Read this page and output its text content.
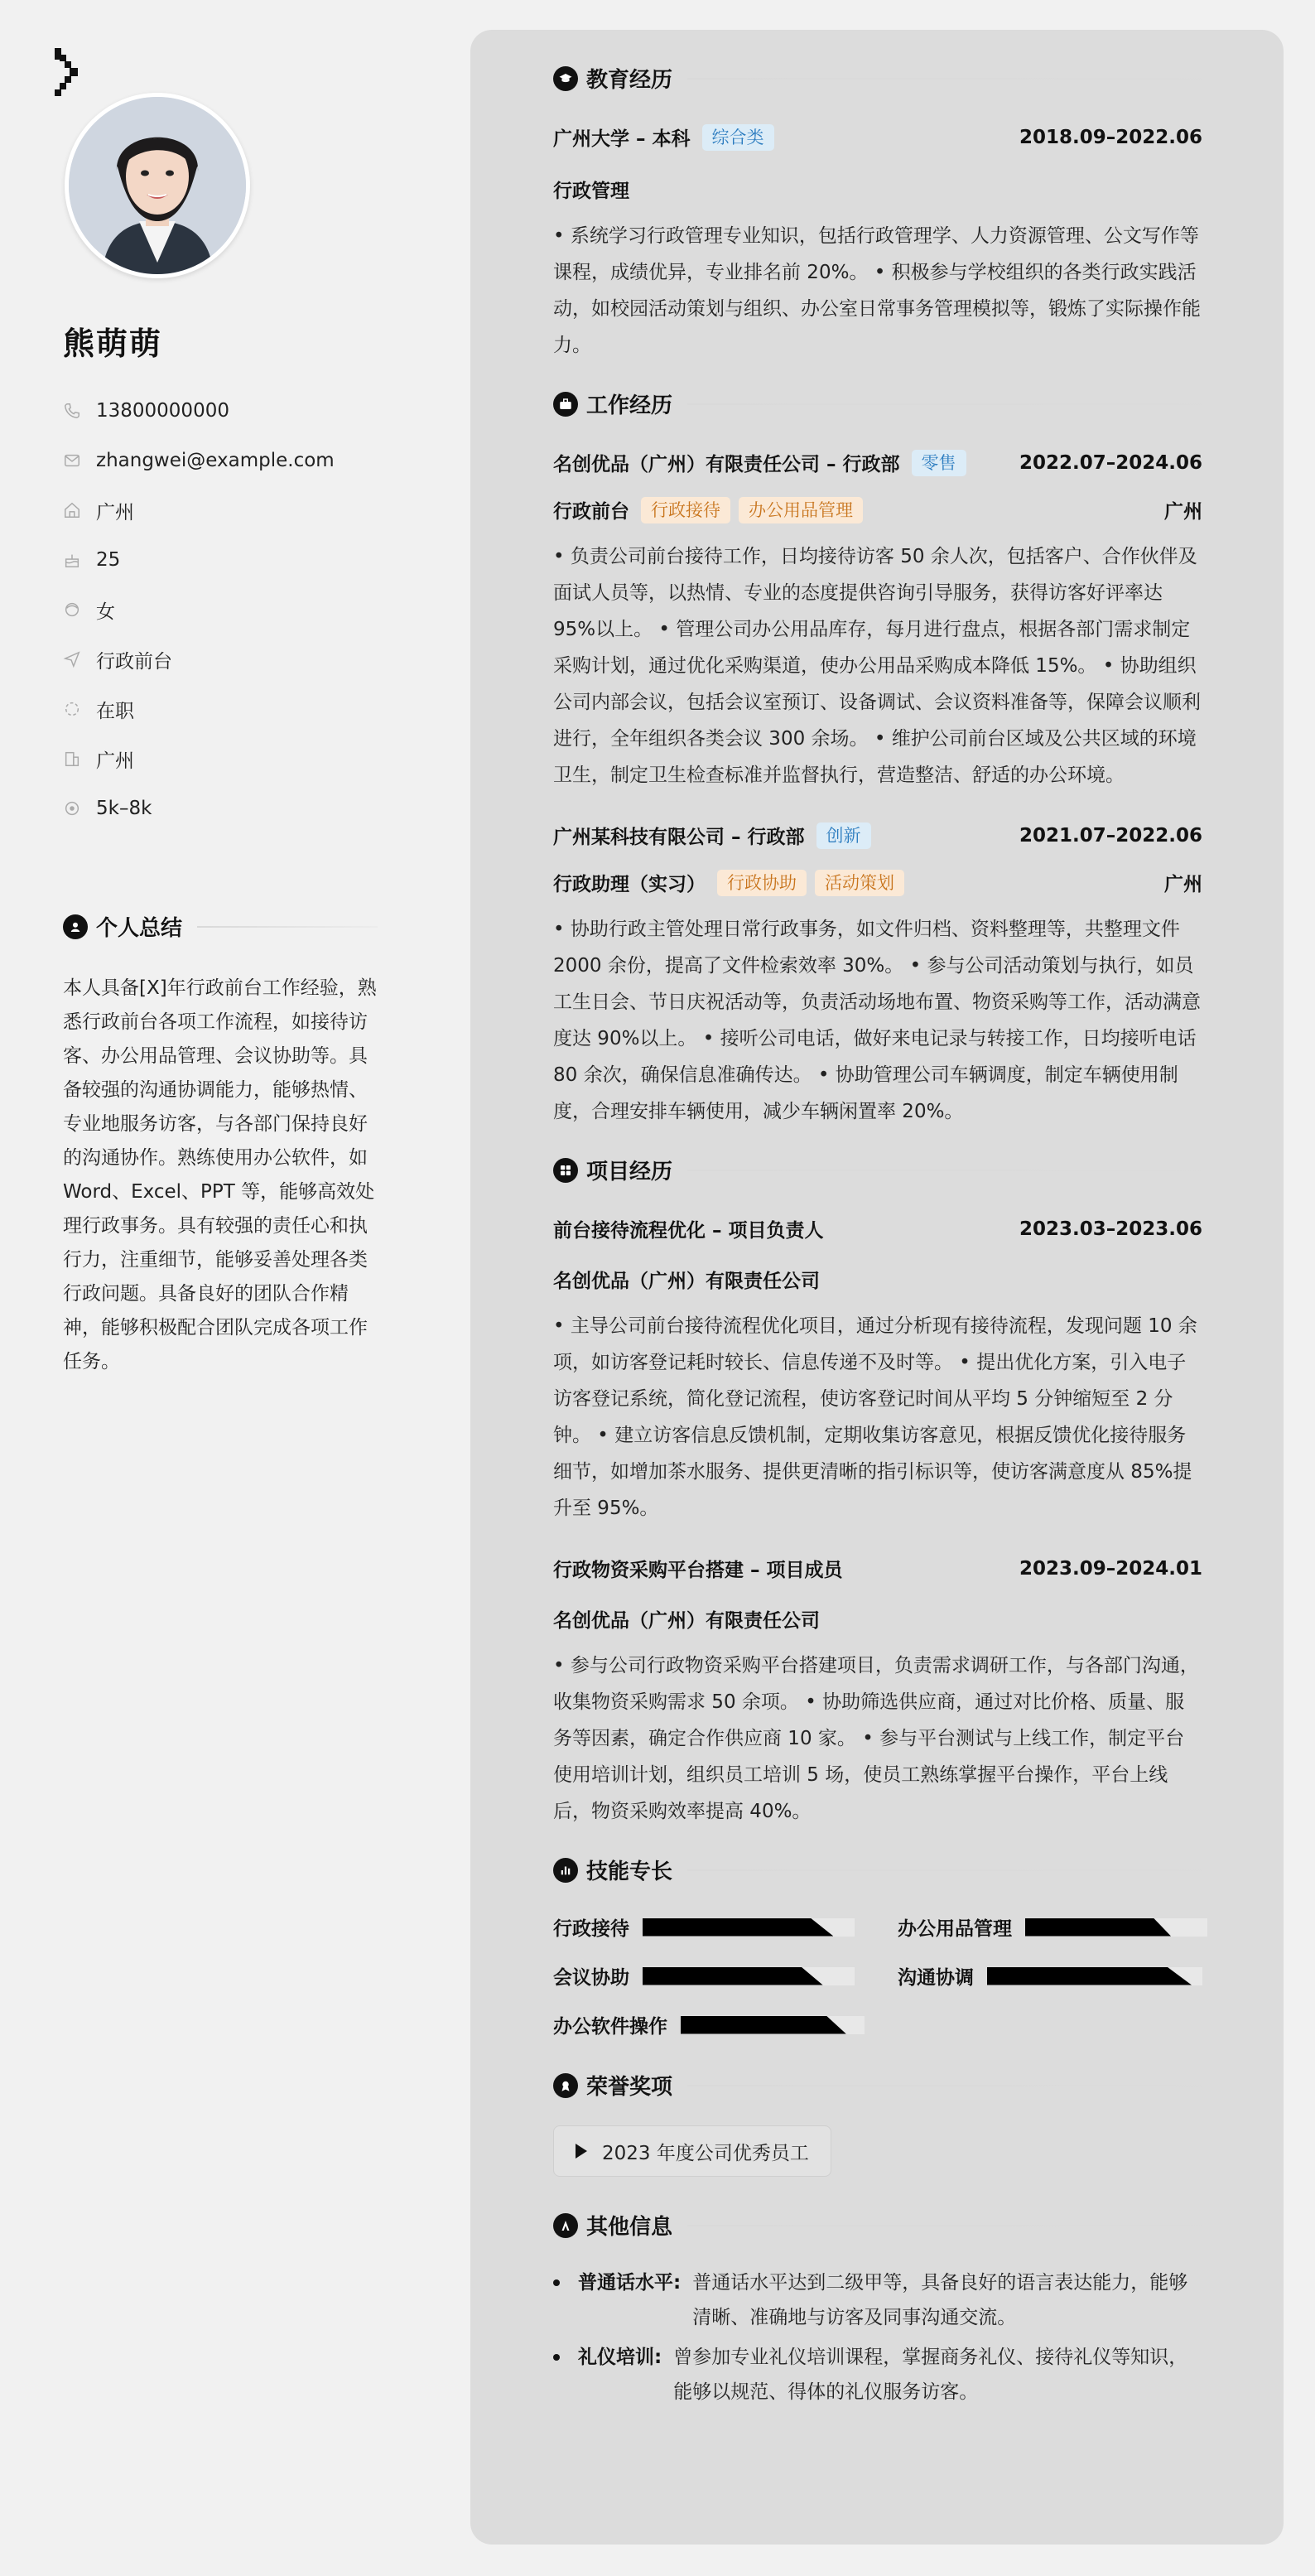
熊萌萌
13800000000
zhangwei@example.com
广州
25
女
行政前台
在职
广州
5k–8k
个人总结
本人具备[X]年行政前台工作经验，熟悉行政前台各项工作流程，如接待访客、办公用品管理、会议协助等。具备较强的沟通协调能力，能够热情、专业地服务访客，与各部门保持良好的沟通协作。熟练使用办公软件，如 Word、Excel、PPT 等，能够高效处理行政事务。具有较强的责任心和执行力，注重细节，能够妥善处理各类行政问题。具备良好的团队合作精神，能够积极配合团队完成各项工作任务。
教育经历
广州大学 – 本科	综合类	2018.09–2022.06
行政管理
• 系统学习行政管理专业知识，包括行政管理学、人力资源管理、公文写作等课程，成绩优异，专业排名前 20%。 • 积极参与学校组织的各类行政实践活动，如校园活动策划与组织、办公室日常事务管理模拟等，锻炼了实际操作能力。
工作经历
名创优品（广州）有限责任公司 – 行政部	零售	2022.07–2024.06
行政前台	行政接待	办公用品管理	广州
• 负责公司前台接待工作，日均接待访客 50 余人次，包括客户、合作伙伴及面试人员等，以热情、专业的态度提供咨询引导服务，获得访客好评率达 95%以上。 • 管理公司办公用品库存，每月进行盘点，根据各部门需求制定采购计划，通过优化采购渠道，使办公用品采购成本降低 15%。 • 协助组织公司内部会议，包括会议室预订、设备调试、会议资料准备等，保障会议顺利进行，全年组织各类会议 300 余场。 • 维护公司前台区域及公共区域的环境卫生，制定卫生检查标准并监督执行，营造整洁、舒适的办公环境。
广州某科技有限公司 – 行政部	创新	2021.07–2022.06
行政助理（实习）	行政协助	活动策划	广州
• 协助行政主管处理日常行政事务，如文件归档、资料整理等，共整理文件 2000 余份，提高了文件检索效率 30%。 • 参与公司活动策划与执行，如员工生日会、节日庆祝活动等，负责活动场地布置、物资采购等工作，活动满意度达 90%以上。 • 接听公司电话，做好来电记录与转接工作，日均接听电话 80 余次，确保信息准确传达。 • 协助管理公司车辆调度，制定车辆使用制度，合理安排车辆使用，减少车辆闲置率 20%。
项目经历
前台接待流程优化 – 项目负责人	2023.03–2023.06
名创优品（广州）有限责任公司
• 主导公司前台接待流程优化项目，通过分析现有接待流程，发现问题 10 余项，如访客登记耗时较长、信息传递不及时等。 • 提出优化方案，引入电子访客登记系统，简化登记流程，使访客登记时间从平均 5 分钟缩短至 2 分钟。 • 建立访客信息反馈机制，定期收集访客意见，根据反馈优化接待服务细节，如增加茶水服务、提供更清晰的指引标识等，使访客满意度从 85%提升至 95%。
行政物资采购平台搭建 – 项目成员	2023.09–2024.01
名创优品（广州）有限责任公司
• 参与公司行政物资采购平台搭建项目，负责需求调研工作，与各部门沟通，收集物资采购需求 50 余项。 • 协助筛选供应商，通过对比价格、质量、服务等因素，确定合作供应商 10 家。 • 参与平台测试与上线工作，制定平台使用培训计划，组织员工培训 5 场，使员工熟练掌握平台操作，平台上线后，物资采购效率提高 40%。
技能专长
行政接待	办公用品管理
会议协助	沟通协调
办公软件操作
荣誉奖项
2023 年度公司优秀员工
其他信息
普通话水平: 普通话水平达到二级甲等，具备良好的语言表达能力，能够清晰、准确地与访客及同事沟通交流。
礼仪培训: 曾参加专业礼仪培训课程，掌握商务礼仪、接待礼仪等知识，能够以规范、得体的礼仪服务访客。
